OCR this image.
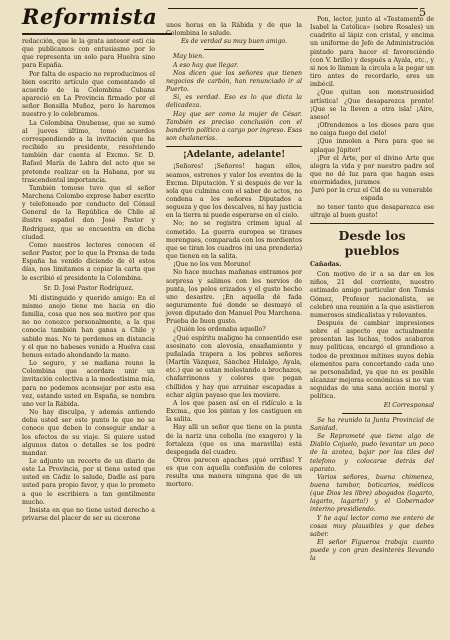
Reformista	5

redacción, que le la grata antesor esti cia que publicamos con entusiasmo por lo que representa un solo para Huelva sino para España.

Por falta de espacio no reproducimos el bien escrito artículo que comentando el acuerdo de la Colombina Cubana apareció en La Provincia firmado por el señor Bonsilla Muñoz, pero lo haremos nuestro y lo celebramos.

La Colombina Onubense, que se sumó al jueves último, tomó acuerdos correspondiendo a la invitación que ha recibido su presidente, resolviendo también dar cuenta al Excmo. Sr. D. Rafael María de Labra del acto que se pretende realizar en la Habana, por su trascendental importancia.

También tomose tuvo que el señor Marchena Colombo exprese haber escrito y telefoneado por conducto del Cónsul General de la República de Chile al ilustre español don José Pastor y Rodríguez, que se encuentra en dicha ciudad.

Como nuestros lectores conocen el señor Pastor, por lo que la Prensa de toda España ha venido diciendo de él estos días, nos limitamos a copiar la carta que le escribió el presidente la Colombina.

Sr. D. José Pastor Rodríguez.

Mi distinguido y querido amigo: En el mismo anejo tiene me hacia en dio familia, cosa que nos sea motivo por que no no conozco personalmente, a la que conocía también han ganas a Chile y sabido mas. No te perdemos en distancia y el que no habeses venido a Huelva casi hemos estado ahondando la mano.

Lo seguro, y se mañana reuno la Colombina que acordara unir un invitación colectiva a la modestísima mía, para no podemos aconsejar por esto esa vez, estando usted en España, se nombra uno ver la Rábida.

No hay disculpa, y además antiendo deba usted ser este punto le que no se conoce que deben lo conseguir andar a los efectos de su viaje. Si quiere usted algunos datos o detalles se los podré mandar.

Le adjunto un recorte de un diario de este La Provincia, por si tiene usted que usted en Cádiz lo salude, Dadle así para usted para propio favor, y que lo prometo a que le escribiera a tan gentilmente mucho.

Insista en que no tiene usted derecho a privarse del placer de ser su cicerone

unos horas en la Rábida y de que la Colombina lo salude.

Es de verdad su muy buen amigo.

May bien.

A eso hay que llegar.

Nos dicen que los señores que tienen negocios de carbón, han renunciado ir al Puerto.

Si, es verdad. Eso es lo que dicta la delicadeza.

Hay que ser como la mujer de César. También es preciso conclusión con el banderín político a cargo por ingreso. Esas son chalanerías.

¡Adelante, adelante!

¡Señores! ¡Señores! hagan ellos, seamos, estrenos y valor los eventos de la Excma. Diputación. Y si después de ver la sola que culmina con el saber de actos, no condena a los señores Diputados a segueza y que los descalves, ni hay justicia en la tierra ni puede esperarse en el cielo.

No; no se registra crimen igual al cometido. La guerra europea se tiranes morengues, comparada con los mordientos que se tiran los cuadros (ni una prenderia) que tienen en la salita.

¡Que no los ven Moruno!

No hace muchas mañanas entramos por sorpresa y salimos con los nervios de punta, los pelos erizados y el gusto hecho uno desastre. ¡En aquella dé fada seguramente fué donde se desmayó el joven diputado don Manuel Pou Marchena. Prueba de buen gusto.

¿Quién los ordenaba aquello?

¿Qué espíritu maligno ha consentido ese asesinato con alevosía, ensañamiento y puñalada trapera a los pobres señores (Martín Vázquez, Sánchez Hidalgo, Ayala, etc.) que se estan molestando a brochazos, chafarrinonos y colores que pegan chillidos y hay que arruinar escapadas a echar algún payaso que les moviere.

A los que pasen así en el ridículo a la Excma., que los pintan y los castiguen en la salita.

Hay allí un señor que tiene en la punta de la nariz una cebolla (no exagero) y la fortaleza (que es una maravilla) está despegada del cuadro.

Otros parecen apaches ¡qué orrifiss! Y es que con aquella confusión de colores resulta una manera ninguna que de un mortero.

Pon, lector, junto al «Testamento de Isabel la Católica» (sobre Rosales) un cuadrito al lápiz con cristal, y encima un uniforme de Jefe de Administración pintado para hacer el favoreciéndo (con V. brillo) y después a Ayala, etc., y si nos lo llaman la circula a la pegar un tiro antes de recordarlo, eres un imbécil.

¿Que quitan son monstruosidad artística! ¿Que desaparezca pronto! ¡Que se la lleven a otra isla! ¡Aire, aseso!

¡Ofrendemos a los dioses para que no caiga fuego del cielo!

¡Que inmolen a Pera para que se aplaque Júpiter!

¡Por el Arte, por el divino Arte que alegra la vida y por nuestro padre sol que no dé luz para que hagan esas enormidades, juramos

Juró por la cruz el Cid de su venerable espada

no tener tanto que desaparezca ese ultraje al buen gusto!

Desde los pueblos
Cañadas.

Con motivo de ir a sa dar en los niños, 21 del corriente, nuestro estimado amigo particular don Tomás Gómez, Profesor nacionalista, se celebró una reunión a la que asistieron numerosos sindicalistas y relevantes.

Después de cambiar impresiones sobre el aspecto que actualmente presentan las luchas, todos acabaron muy políticas, encargó el grandioso a todos de proximos mítines suyos debía elementos para concertando cada uno se personalidad, ya que no es posible alcanzar mejoras económicas si no van seguidas de una sana acción moral y política.

El Corresponsal

Se ha reunido la Junta Provincial de Sanidad.

Se Reprometé que tiene algo de Diablo Cojuelo, pudo levantar un poco de la azotea, bajar por los tiles del telefono y colocarse detrás del aparato.

Varios señores, buena chimenea, buena tambor, boticarios, médicos (que Dios les libre) abogados (lagarto, lagarto, lagarto!) y el Gobernador interino presidiendo.

Y he aquí lector como me entero de cosas muy plausibles y que debes saber.

El señor Figueroa trabaja cuanto puede y con gran desinterés llevando la
